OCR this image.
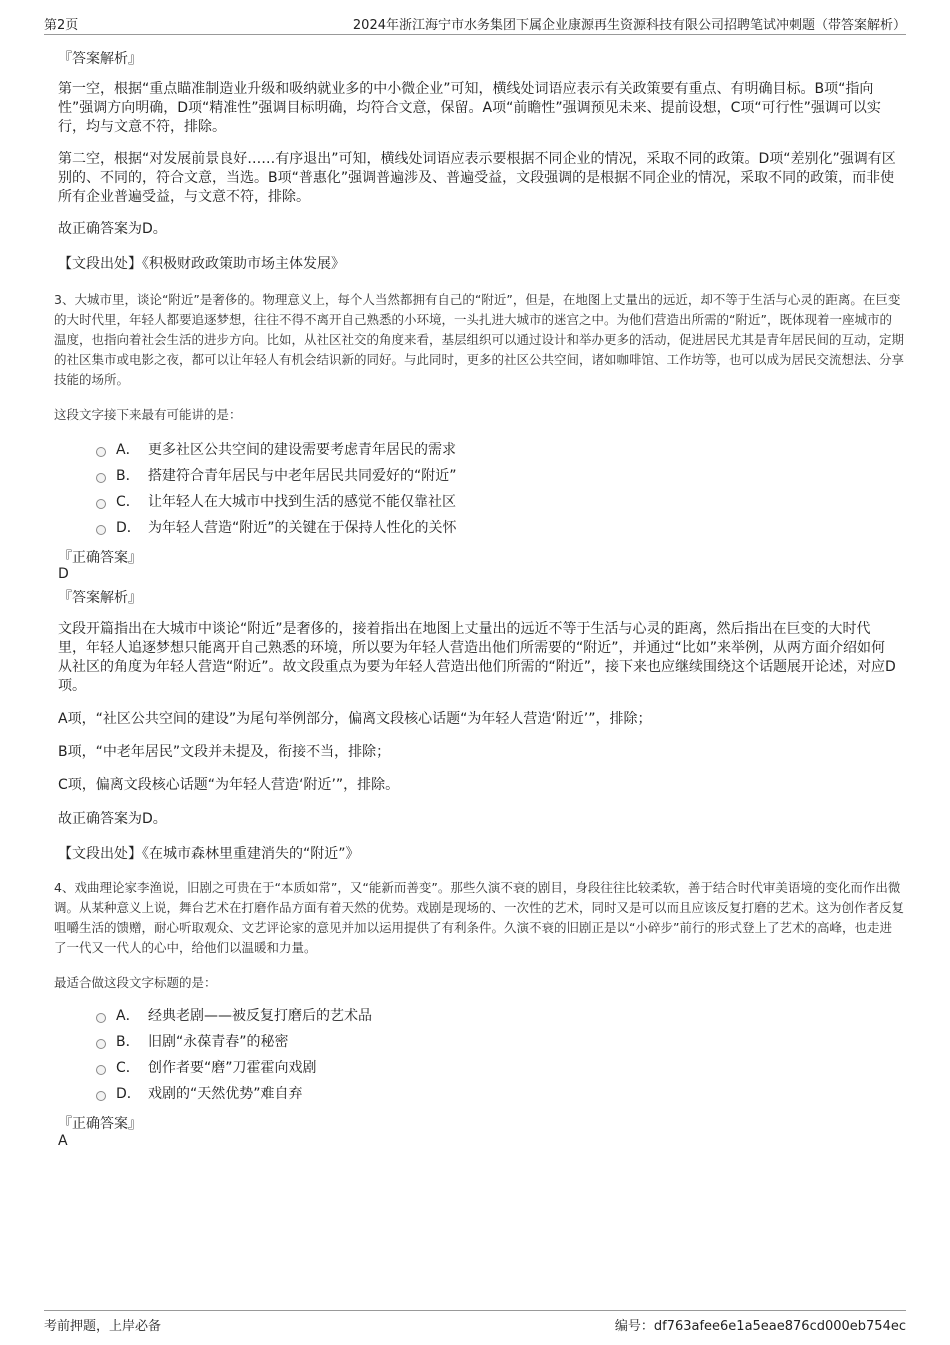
第2页	2024年浙江海宁市水务集团下属企业康源再生资源科技有限公司招聘笔试冲刺题（带答案解析）
『答案解析』
第一空，根据“重点瞄准制造业升级和吸纳就业多的中小微企业”可知，横线处词语应表示有关政策要有重点、有明确目标。B项“指向性”强调方向明确，D项“精准性”强调目标明确，均符合文意，保留。A项“前瞻性”强调预见未来、提前设想，C项“可行性”强调可以实行，均与文意不符，排除。
第二空，根据“对发展前景良好……有序退出”可知，横线处词语应表示要根据不同企业的情况，采取不同的政策。D项“差别化”强调有区别的、不同的，符合文意，当选。B项“普惠化”强调普遍涉及、普遍受益，文段强调的是根据不同企业的情况，采取不同的政策，而非使所有企业普遍受益，与文意不符，排除。
故正确答案为D。
【文段出处】《积极财政政策助市场主体发展》
3、大城市里，谈论“附近”是奢侈的。物理意义上，每个人当然都拥有自己的“附近”，但是，在地图上丈量出的远近，却不等于生活与心灵的距离。在巨变的大时代里，年轻人都要追逐梦想，往往不得不离开自己熟悉的小环境，一头扎进大城市的迷宫之中。为他们营造出所需的“附近”，既体现着一座城市的温度，也指向着社会生活的进步方向。比如，从社区社交的角度来看，基层组织可以通过设计和举办更多的活动，促进居民尤其是青年居民间的互动，定期的社区集市或电影之夜，都可以让年轻人有机会结识新的同好。与此同时，更多的社区公共空间，诸如咖啡馆、工作坊等，也可以成为居民交流想法、分享技能的场所。
这段文字接下来最有可能讲的是：
A． 更多社区公共空间的建设需要考虑青年居民的需求
B． 搭建符合青年居民与中老年居民共同爱好的“附近”
C． 让年轻人在大城市中找到生活的感觉不能仅靠社区
D． 为年轻人营造“附近”的关键在于保持人性化的关怀
『正确答案』
D
『答案解析』
文段开篇指出在大城市中谈论“附近”是奢侈的，接着指出在地图上丈量出的远近不等于生活与心灵的距离，然后指出在巨变的大时代里，年轻人追逐梦想只能离开自己熟悉的环境，所以要为年轻人营造出他们所需要的“附近”，并通过“比如”来举例，从两方面介绍如何从社区的角度为年轻人营造“附近”。故文段重点为要为年轻人营造出他们所需的“附近”，接下来也应继续围绕这个话题展开论述，对应D项。
A项，“社区公共空间的建设”为尾句举例部分，偏离文段核心话题“为年轻人营造‘附近’”，排除；
B项，“中老年居民”文段并未提及，衔接不当，排除；
C项，偏离文段核心话题“为年轻人营造‘附近’”，排除。
故正确答案为D。
【文段出处】《在城市森林里重建消失的“附近”》
4、戏曲理论家李渔说，旧剧之可贵在于“本质如常”，又“能新而善变”。那些久演不衰的剧目，身段往往比较柔软，善于结合时代审美语境的变化而作出微调。从某种意义上说，舞台艺术在打磨作品方面有着天然的优势。戏剧是现场的、一次性的艺术，同时又是可以而且应该反复打磨的艺术。这为创作者反复咀嚼生活的馈赠，耐心听取观众、文艺评论家的意见并加以运用提供了有利条件。久演不衰的旧剧正是以“小碎步”前行的形式登上了艺术的高峰，也走进了一代又一代人的心中，给他们以温暖和力量。
最适合做这段文字标题的是：
A． 经典老剧——被反复打磨后的艺术品
B． 旧剧“永葆青春”的秘密
C． 创作者要“磨”刀霍霍向戏剧
D． 戏剧的“天然优势”难自弃
『正确答案』
A
考前押题，上岸必备	编号：df763afee6e1a5eae876cd000eb754ec
